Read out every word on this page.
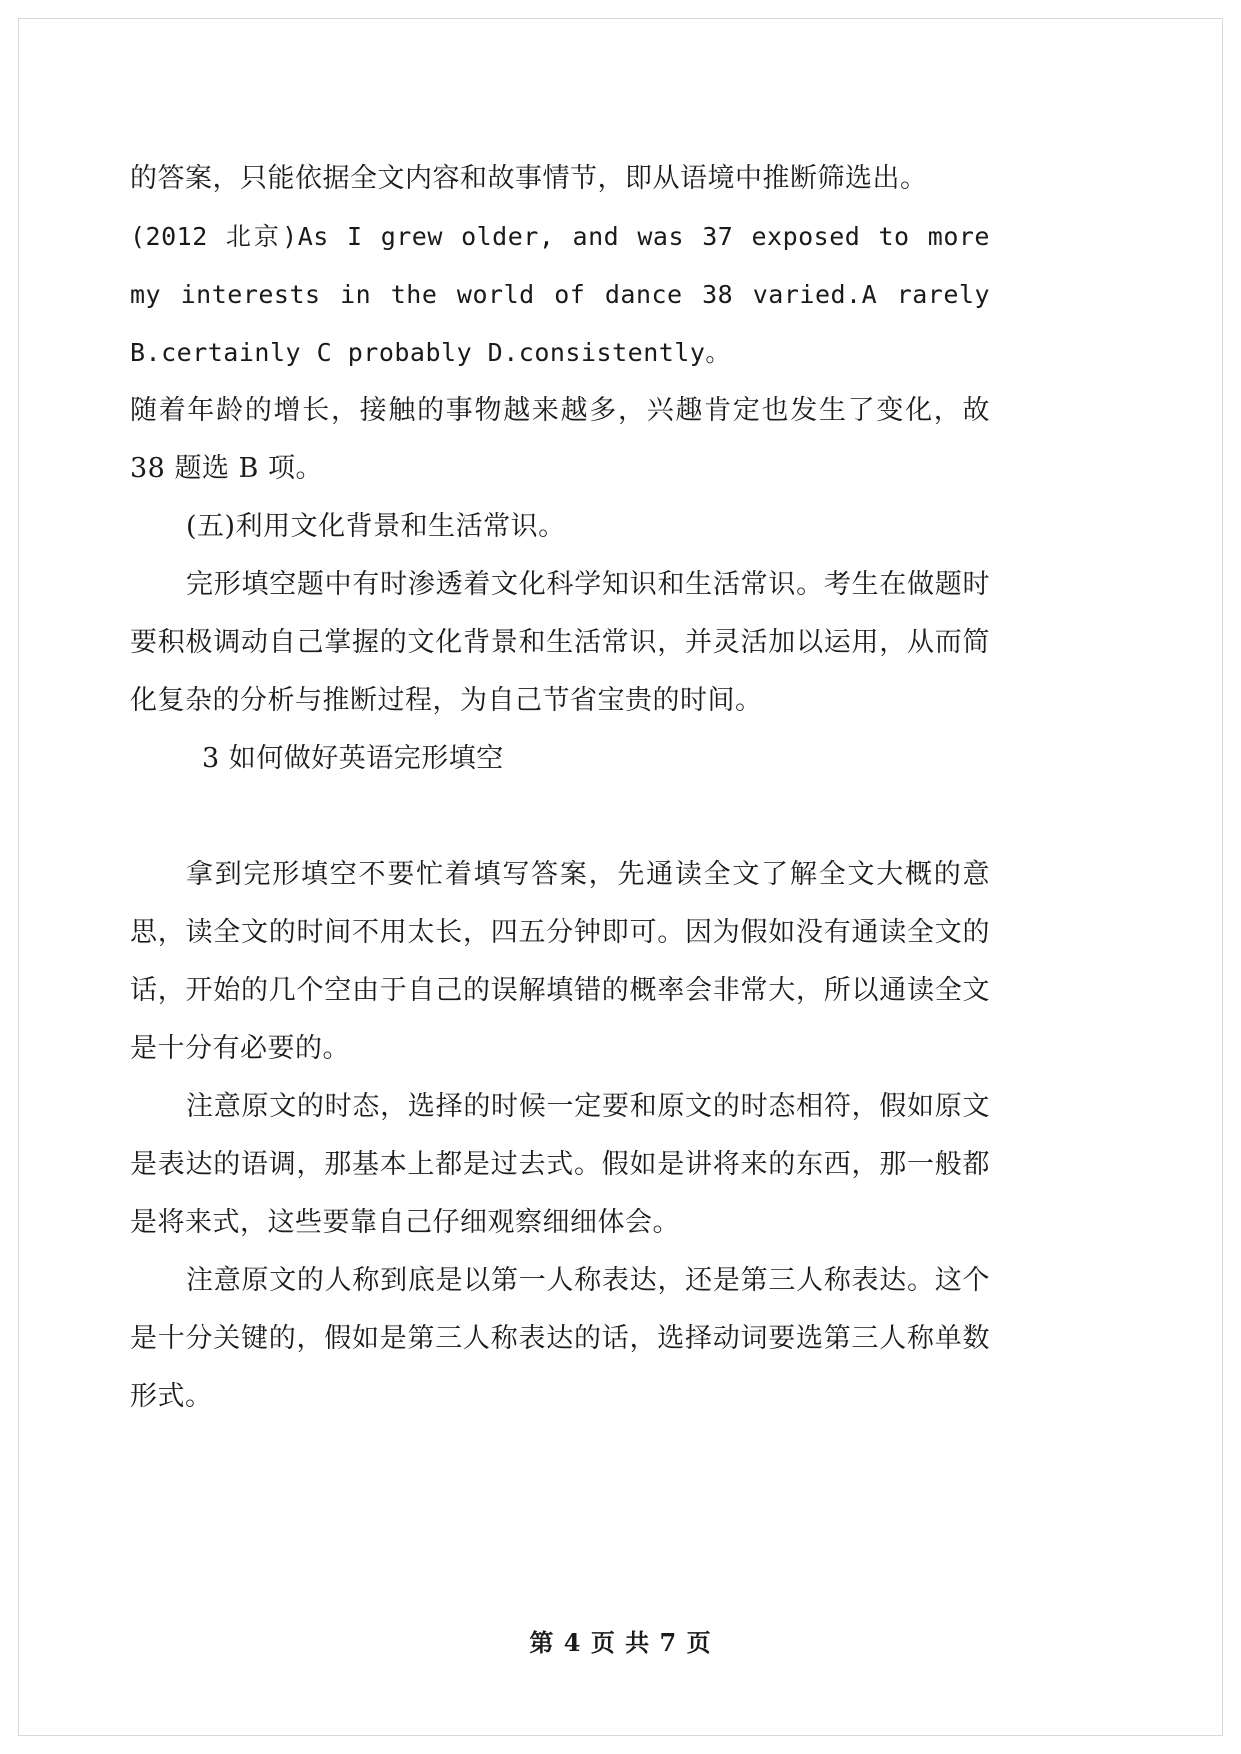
的答案，只能依据全文内容和故事情节，即从语境中推断筛选出。

(2012 北京)As I grew older, and was 37 exposed to more my interests in the world of dance 38 varied.A rarely B.certainly C probably D.consistently。

随着年龄的增长，接触的事物越来越多，兴趣肯定也发生了变化，故 38 题选 B 项。

(五)利用文化背景和生活常识。

完形填空题中有时渗透着文化科学知识和生活常识。考生在做题时要积极调动自己掌握的文化背景和生活常识，并灵活加以运用，从而简化复杂的分析与推断过程，为自己节省宝贵的时间。

3 如何做好英语完形填空

拿到完形填空不要忙着填写答案，先通读全文了解全文大概的意思，读全文的时间不用太长，四五分钟即可。因为假如没有通读全文的话，开始的几个空由于自己的误解填错的概率会非常大，所以通读全文是十分有必要的。

注意原文的时态，选择的时候一定要和原文的时态相符，假如原文是表达的语调，那基本上都是过去式。假如是讲将来的东西，那一般都是将来式，这些要靠自己仔细观察细细体会。

注意原文的人称到底是以第一人称表达，还是第三人称表达。这个是十分关键的，假如是第三人称表达的话，选择动词要选第三人称单数形式。

第 4 页 共 7 页
